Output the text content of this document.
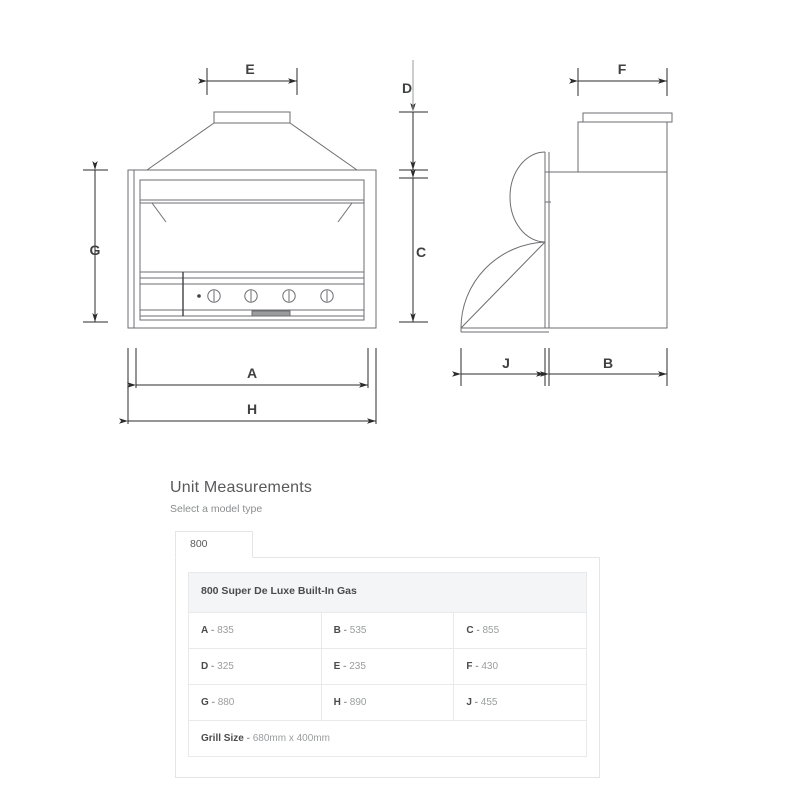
E
D
F
G	C
A
H
J	B
Unit Measurements
Select a model type
800
800 Super De Luxe Built-In Gas		
A - 835	B - 535	C - 855
D - 325	E - 235	F - 430
G - 880	H - 890	J - 455
Grill Size - 680mm x 400mm		
